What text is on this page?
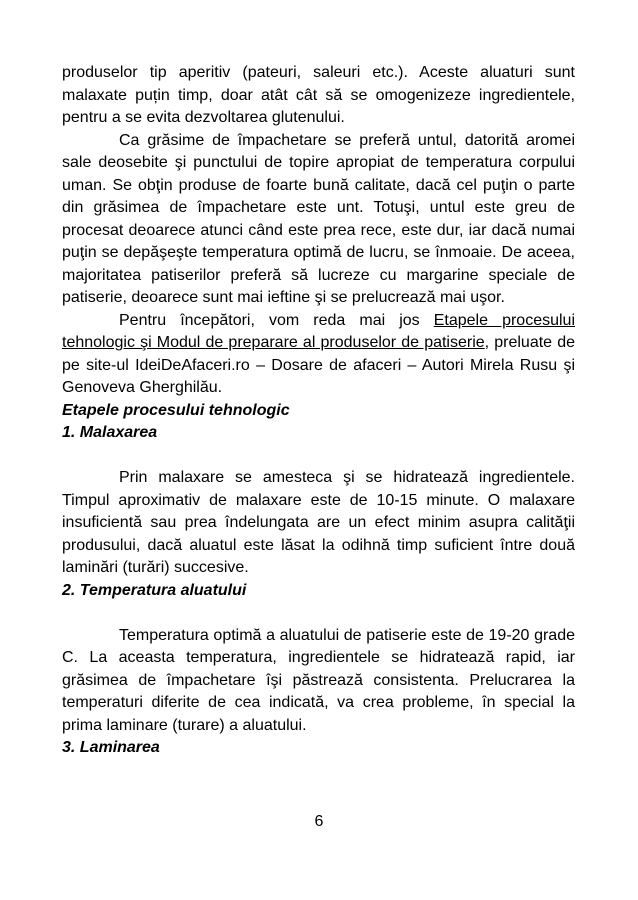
produselor tip aperitiv (pateuri, saleuri etc.). Aceste aluaturi sunt malaxate puțin timp, doar atât cât să se omogenizeze ingredientele, pentru a se evita dezvoltarea glutenului.

Ca grăsime de împachetare se preferă untul, datorită aromei sale deosebite şi punctului de topire apropiat de temperatura corpului uman. Se obţin produse de foarte bună calitate, dacă cel puţin o parte din grăsimea de împachetare este unt. Totuşi, untul este greu de procesat deoarece atunci când este prea rece, este dur, iar dacă numai puţin se depăşeşte temperatura optimă de lucru, se înmoaie. De aceea, majoritatea patiserilor preferă să lucreze cu margarine speciale de patiserie, deoarece sunt mai ieftine şi se prelucrează mai uşor.

Pentru începători, vom reda mai jos Etapele procesului tehnologic şi Modul de preparare al produselor de patiserie, preluate de pe site-ul IdeiDeAfaceri.ro – Dosare de afaceri – Autori Mirela Rusu şi Genoveva Gherghilău.

Etapele procesului tehnologic

1. Malaxarea

Prin malaxare se amesteca şi se hidratează ingredientele. Timpul aproximativ de malaxare este de 10-15 minute. O malaxare insuficientă sau prea îndelungata are un efect minim asupra calităţii produsului, dacă aluatul este lăsat la odihnă timp suficient între două laminări (turări) succesive.

2. Temperatura aluatului

Temperatura optimă a aluatului de patiserie este de 19-20 grade C. La aceasta temperatura, ingredientele se hidratează rapid, iar grăsimea de împachetare îşi păstrează consistenta. Prelucrarea la temperaturi diferite de cea indicată, va crea probleme, în special la prima laminare (turare) a aluatului.

3. Laminarea

6
